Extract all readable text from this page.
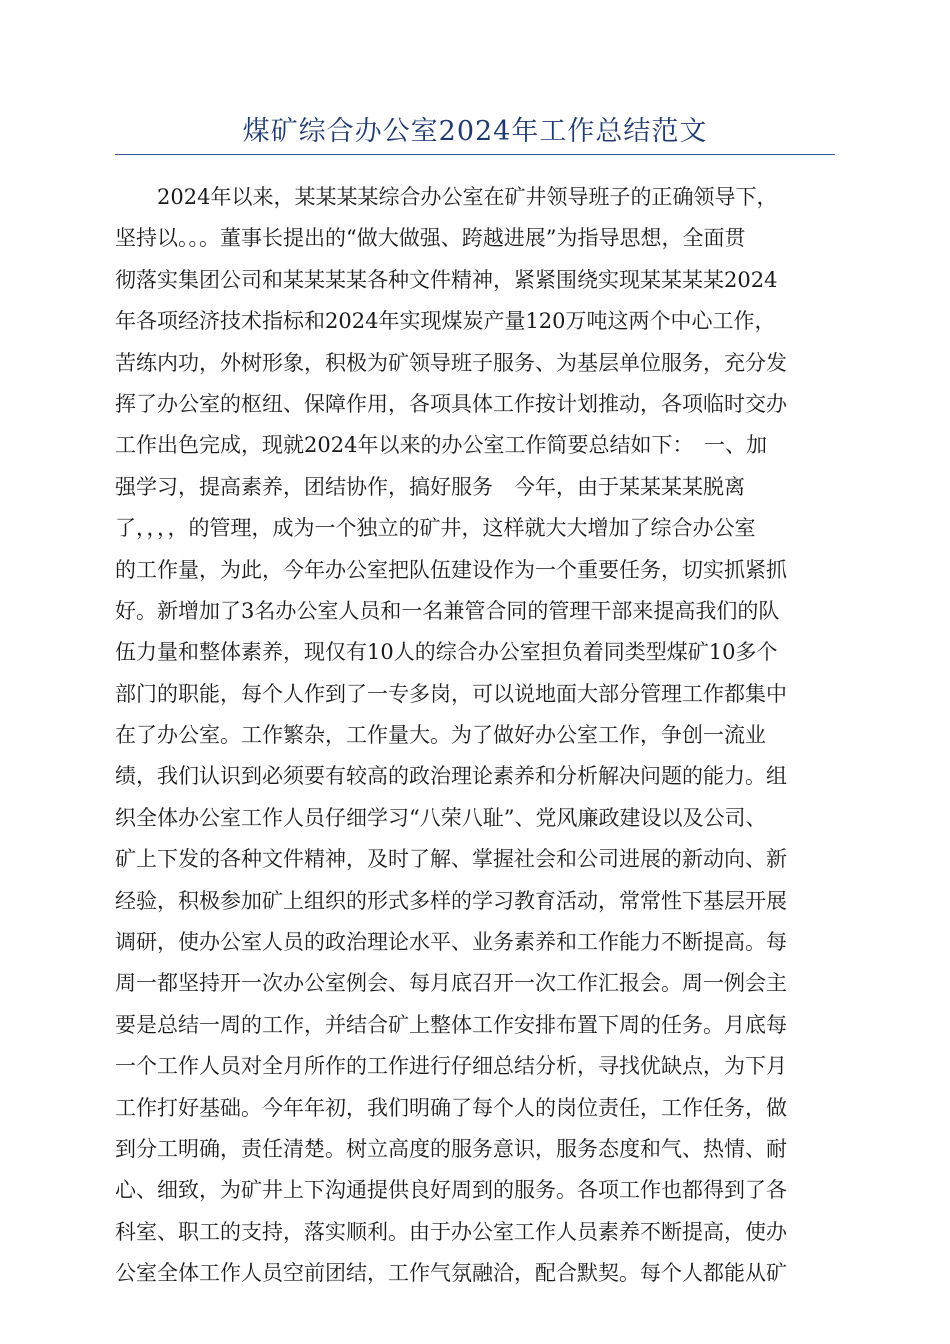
煤矿综合办公室2024年工作总结范文
　　2024年以来，某某某某综合办公室在矿井领导班子的正确领导下，
坚持以。。。董事长提出的“做大做强、跨越进展”为指导思想，全面贯
彻落实集团公司和某某某某各种文件精神，紧紧围绕实现某某某某2024
年各项经济技术指标和2024年实现煤炭产量120万吨这两个中心工作，
苦练内功，外树形象，积极为矿领导班子服务、为基层单位服务，充分发
挥了办公室的枢纽、保障作用，各项具体工作按计划推动，各项临时交办
工作出色完成，现就2024年以来的办公室工作简要总结如下：　一、加
强学习，提高素养，团结协作，搞好服务　今年，由于某某某某脱离
了，，，，的管理，成为一个独立的矿井，这样就大大增加了综合办公室
的工作量，为此，今年办公室把队伍建设作为一个重要任务，切实抓紧抓
好。新增加了3名办公室人员和一名兼管合同的管理干部来提高我们的队
伍力量和整体素养，现仅有10人的综合办公室担负着同类型煤矿10多个
部门的职能，每个人作到了一专多岗，可以说地面大部分管理工作都集中
在了办公室。工作繁杂，工作量大。为了做好办公室工作，争创一流业
绩，我们认识到必须要有较高的政治理论素养和分析解决问题的能力。组
织全体办公室工作人员仔细学习“八荣八耻”、党风廉政建设以及公司、
矿上下发的各种文件精神，及时了解、掌握社会和公司进展的新动向、新
经验，积极参加矿上组织的形式多样的学习教育活动，常常性下基层开展
调研，使办公室人员的政治理论水平、业务素养和工作能力不断提高。每
周一都坚持开一次办公室例会、每月底召开一次工作汇报会。周一例会主
要是总结一周的工作，并结合矿上整体工作安排布置下周的任务。月底每
一个工作人员对全月所作的工作进行仔细总结分析，寻找优缺点，为下月
工作打好基础。今年年初，我们明确了每个人的岗位责任，工作任务，做
到分工明确，责任清楚。树立高度的服务意识，服务态度和气、热情、耐
心、细致，为矿井上下沟通提供良好周到的服务。各项工作也都得到了各
科室、职工的支持，落实顺利。由于办公室工作人员素养不断提高，使办
公室全体工作人员空前团结，工作气氛融洽，配合默契。每个人都能从矿
